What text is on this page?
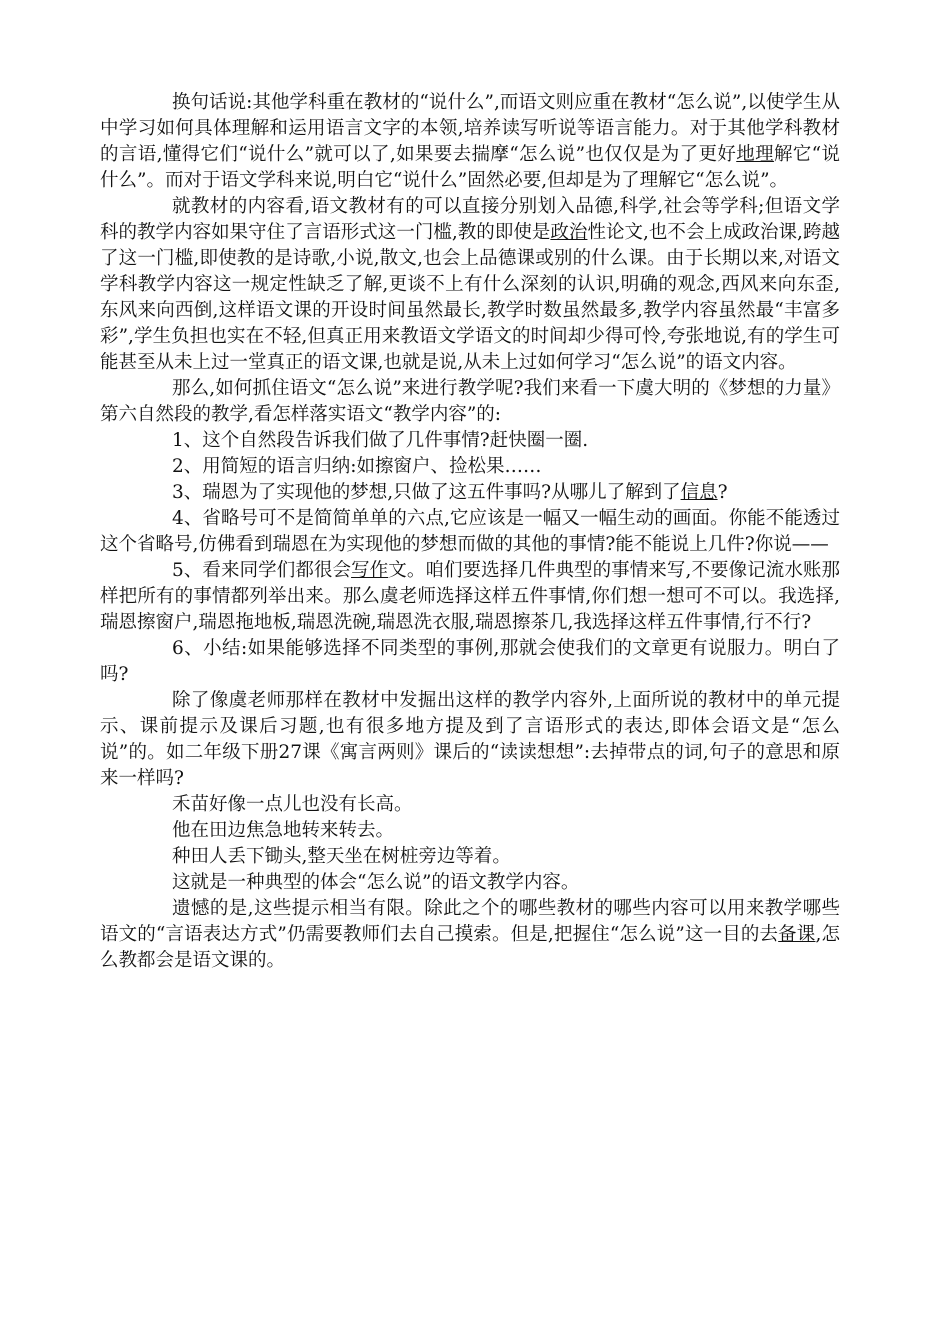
换句话说:其他学科重在教材的“说什么”,而语文则应重在教材“怎么说”,以使学生从中学习如何具体理解和运用语言文字的本领,培养读写听说等语言能力。对于其他学科教材的言语,懂得它们“说什么”就可以了,如果要去揣摩“怎么说”也仅仅是为了更好地理解它“说什么”。而对于语文学科来说,明白它“说什么”固然必要,但却是为了理解它“怎么说”。

就教材的内容看,语文教材有的可以直接分别划入品德,科学,社会等学科;但语文学科的教学内容如果守住了言语形式这一门槛,教的即使是政治性论文,也不会上成政治课,跨越了这一门槛,即使教的是诗歌,小说,散文,也会上品德课或别的什么课。由于长期以来,对语文学科教学内容这一规定性缺乏了解,更谈不上有什么深刻的认识,明确的观念,西风来向东歪,东风来向西倒,这样语文课的开设时间虽然最长,教学时数虽然最多,教学内容虽然最“丰富多彩”,学生负担也实在不轻,但真正用来教语文学语文的时间却少得可怜,夸张地说,有的学生可能甚至从未上过一堂真正的语文课,也就是说,从未上过如何学习“怎么说”的语文内容。

那么,如何抓住语文“怎么说”来进行教学呢?我们来看一下虞大明的《梦想的力量》第六自然段的教学,看怎样落实语文“教学内容”的:

1、这个自然段告诉我们做了几件事情?赶快圈一圈.

2、用简短的语言归纳:如擦窗户、捡松果……

3、瑞恩为了实现他的梦想,只做了这五件事吗?从哪儿了解到了信息?

4、省略号可不是简简单单的六点,它应该是一幅又一幅生动的画面。你能不能透过这个省略号,仿佛看到瑞恩在为实现他的梦想而做的其他的事情?能不能说上几件?你说——

5、看来同学们都很会写作文。咱们要选择几件典型的事情来写,不要像记流水账那样把所有的事情都列举出来。那么虞老师选择这样五件事情,你们想一想可不可以。我选择,瑞恩擦窗户,瑞恩拖地板,瑞恩洗碗,瑞恩洗衣服,瑞恩擦茶几,我选择这样五件事情,行不行?

6、小结:如果能够选择不同类型的事例,那就会使我们的文章更有说服力。明白了吗?

除了像虞老师那样在教材中发掘出这样的教学内容外,上面所说的教材中的单元提示、课前提示及课后习题,也有很多地方提及到了言语形式的表达,即体会语文是“怎么说”的。如二年级下册27课《寓言两则》课后的“读读想想”:去掉带点的词,句子的意思和原来一样吗?

禾苗好像一点儿也没有长高。

他在田边焦急地转来转去。

种田人丢下锄头,整天坐在树桩旁边等着。

这就是一种典型的体会“怎么说”的语文教学内容。

遗憾的是,这些提示相当有限。除此之个的哪些教材的哪些内容可以用来教学哪些语文的“言语表达方式”仍需要教师们去自己摸索。但是,把握住“怎么说”这一目的去备课,怎么教都会是语文课的。
